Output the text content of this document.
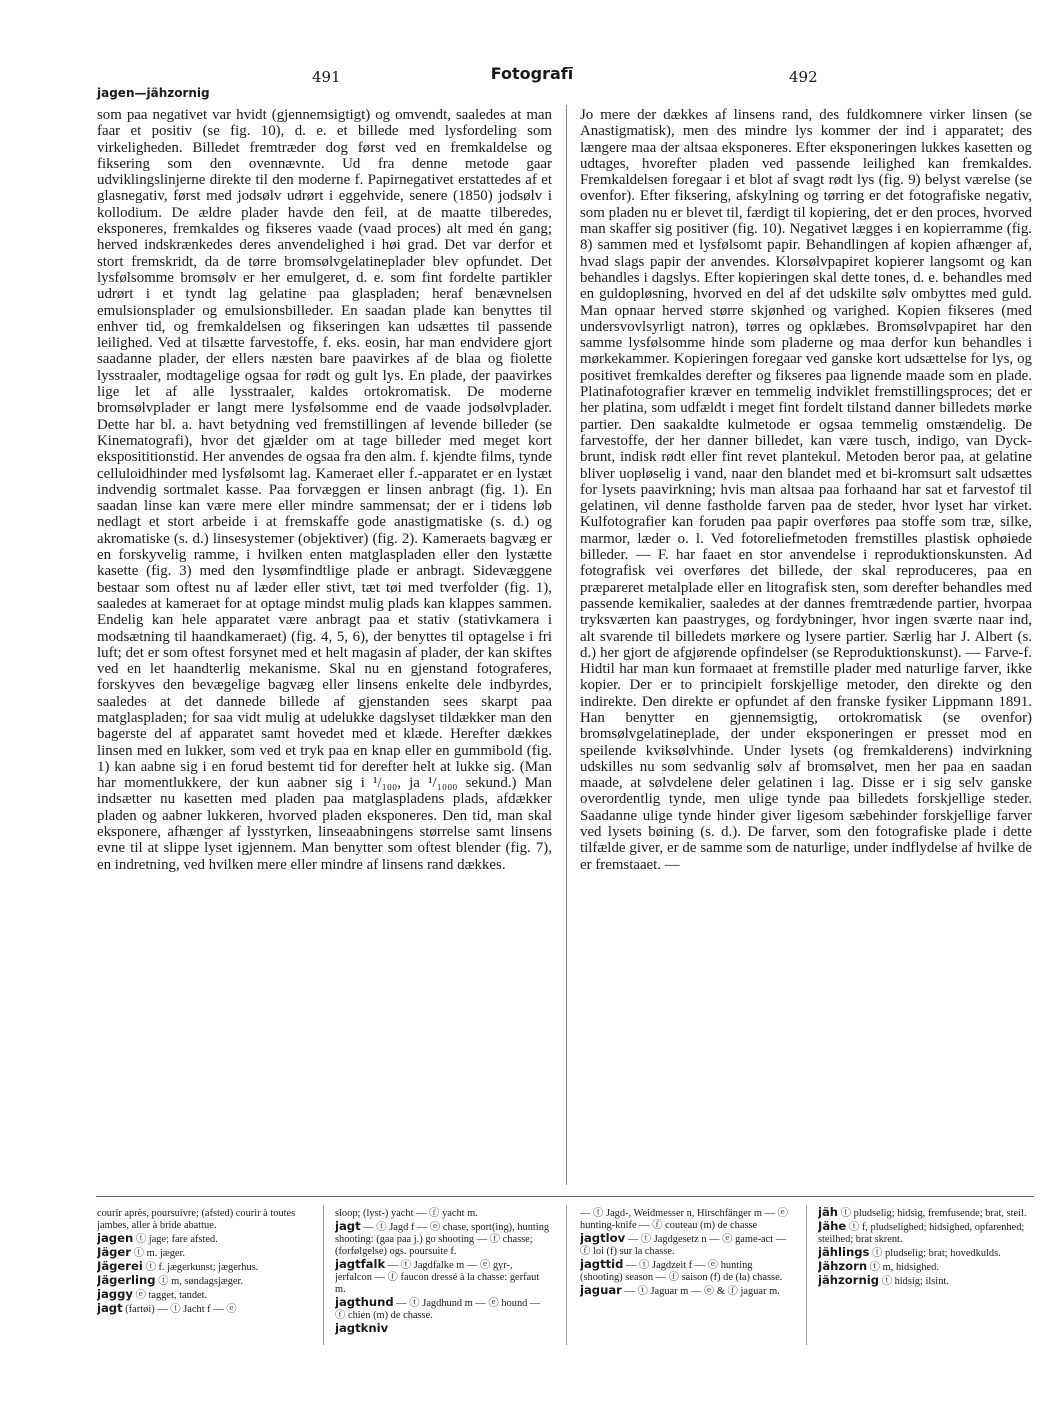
491	Fotografī	492
jagen—jähzornig

som paa negativet var hvidt (gjennemsigtigt) og omvendt, saaledes at man faar et positiv (se fig. 10), d. e. et billede med lysfordeling som virkeligheden. Billedet fremtræder dog først ved en fremkaldelse og fiksering som den ovennævnte. Ud fra denne metode gaar udviklingslinjerne direkte til den moderne f. Papirnegativet erstattedes af et glasnegativ, først med jodsølv udrørt i eggehvide, senere (1850) jodsølv i kollodium. De ældre plader havde den feil, at de maatte tilberedes, eksponeres, fremkaldes og fikseres vaade (vaad proces) alt med én gang; herved indskrænkedes deres anvendelighed i høi grad. Det var derfor et stort fremskridt, da de tørre bromsølvgelatineplader blev opfundet. Det lysfølsomme bromsølv er her emulgeret, d. e. som fint fordelte partikler udrørt i et tyndt lag gelatine paa glaspladen; heraf benævnelsen emulsionsplader og emulsionsbilleder. En saadan plade kan benyttes til enhver tid, og fremkaldelsen og fikseringen kan udsættes til passende leilighed. Ved at tilsætte farvestoffe, f. eks. eosin, har man endvidere gjort saadanne plader, der ellers næsten bare paavirkes af de blaa og fiolette lysstraaler, modtagelige ogsaa for rødt og gult lys. En plade, der paavirkes lige let af alle lysstraaler, kaldes ortokromatisk. De moderne bromsølvplader er langt mere lysfølsomme end de vaade jodsølvplader. Dette har bl. a. havt betydning ved fremstillingen af levende billeder (se Kinematografi), hvor det gjælder om at tage billeder med meget kort eksposititionstid. Her anvendes de ogsaa fra den alm. f. kjendte films, tynde celluloidhinder med lysfølsomt lag. Kameraet eller f.-apparatet er en lystæt indvendig sortmalet kasse. Paa forvæggen er linsen anbragt (fig. 1). En saadan linse kan være mere eller mindre sammensat; der er i tidens løb nedlagt et stort arbeide i at fremskaffe gode anastigmatiske (s. d.) og akromatiske (s. d.) linsesystemer (objektiver) (fig. 2). Kameraets bagvæg er en forskyvelig ramme, i hvilken enten matglaspladen eller den lystætte kasette (fig. 3) med den lysømfindtlige plade er anbragt. Sidevæggene bestaar som oftest nu af læder eller stivt, tæt tøi med tverfolder (fig. 1), saaledes at kameraet for at optage mindst mulig plads kan klappes sammen. Endelig kan hele apparatet være anbragt paa et stativ (stativkamera i modsætning til haandkameraet) (fig. 4, 5, 6), der benyttes til optagelse i fri luft; det er som oftest forsynet med et helt magasin af plader, der kan skiftes ved en let haandterlig mekanisme. Skal nu en gjenstand fotograferes, forskyves den bevægelige bagvæg eller linsens enkelte dele indbyrdes, saaledes at det dannede billede af gjenstanden sees skarpt paa matglaspladen; for saa vidt mulig at udelukke dagslyset tildækker man den bagerste del af apparatet samt hovedet med et klæde. Herefter dækkes linsen med en lukker, som ved et tryk paa en knap eller en gummibold (fig. 1) kan aabne sig i en forud bestemt tid for derefter helt at lukke sig. (Man har momentlukkere, der kun aabner sig i ¹/₁₀₀, ja ¹/₁₀₀₀ sekund.) Man indsætter nu kasetten med pladen paa matglaspladens plads, afdækker pladen og aabner lukkeren, hvorved pladen eksponeres. Den tid, man skal eksponere, afhænger af lysstyrken, linseaabningens størrelse samt linsens evne til at slippe lyset igjennem. Man benytter som oftest blender (fig. 7), en indretning, ved hvilken mere eller mindre af linsens rand dækkes.

Jo mere der dækkes af linsens rand, des fuldkomnere virker linsen (se Anastigmatisk), men des mindre lys kommer der ind i apparatet; des længere maa der altsaa eksponeres. Efter eksponeringen lukkes kasetten og udtages, hvorefter pladen ved passende leilighed kan fremkaldes. Fremkaldelsen foregaar i et blot af svagt rødt lys (fig. 9) belyst værelse (se ovenfor). Efter fiksering, afskylning og tørring er det fotografiske negativ, som pladen nu er blevet til, færdigt til kopiering, det er den proces, hvorved man skaffer sig positiver (fig. 10). Negativet lægges i en kopierramme (fig. 8) sammen med et lysfølsomt papir. Behandlingen af kopien afhænger af, hvad slags papir der anvendes. Klorsølvpapiret kopierer langsomt og kan behandles i dagslys. Efter kopieringen skal dette tones, d. e. behandles med en guldopløsning, hvorved en del af det udskilte sølv ombyttes med guld. Man opnaar herved større skjønhed og varighed. Kopien fikseres (med undersvovlsyrligt natron), tørres og opklæbes. Bromsølvpapiret har den samme lysfølsomme hinde som pladerne og maa derfor kun behandles i mørkekammer. Kopieringen foregaar ved ganske kort udsættelse for lys, og positivet fremkaldes derefter og fikseres paa lignende maade som en plade. Platinafotografier kræver en temmelig indviklet fremstillingsproces; det er her platina, som udfældt i meget fint fordelt tilstand danner billedets mørke partier. Den saakaldte kulmetode er ogsaa temmelig omstændelig. De farvestoffe, der her danner billedet, kan være tusch, indigo, van Dyck-brunt, indisk rødt eller fint revet plantekul. Metoden beror paa, at gelatine bliver uopløselig i vand, naar den blandet med et bi-kromsurt salt udsættes for lysets paavirkning; hvis man altsaa paa forhaand har sat et farvestof til gelatinen, vil denne fastholde farven paa de steder, hvor lyset har virket. Kulfotografier kan foruden paa papir overføres paa stoffe som træ, silke, marmor, læder o. l. Ved fotoreliefmetoden fremstilles plastisk ophøiede billeder. — F. har faaet en stor anvendelse i reproduktionskunsten. Ad fotografisk vei overføres det billede, der skal reproduceres, paa en præpareret metalplade eller en litografisk sten, som derefter behandles med passende kemikalier, saaledes at der dannes fremtrædende partier, hvorpaa tryksværten kan paastryges, og fordybninger, hvor ingen sværte naar ind, alt svarende til billedets mørkere og lysere partier. Særlig har J. Albert (s. d.) her gjort de afgjørende opfindelser (se Reproduktionskunst). — Farve-f. Hidtil har man kun formaaet at fremstille plader med naturlige farver, ikke kopier. Der er to principielt forskjellige metoder, den direkte og den indirekte. Den direkte er opfundet af den franske fysiker Lippmann 1891. Han benytter en gjennemsigtig, ortokromatisk (se ovenfor) bromsølvgelatineplade, der under eksponeringen er presset mod en speilende kviksølvhinde. Under lysets (og fremkalderens) indvirkning udskilles nu som sedvanlig sølv af bromsølvet, men her paa en saadan maade, at sølvdelene deler gelatinen i lag. Disse er i sig selv ganske overordentlig tynde, men ulige tynde paa billedets forskjellige steder. Saadanne ulige tynde hinder giver ligesom sæbehinder forskjellige farver ved lysets bøining (s. d.). De farver, som den fotografiske plade i dette tilfælde giver, er de samme som de naturlige, under indflydelse af hvilke de er fremstaaet. —

courir après, poursuivre; (afsted) courir à toutes jambes, aller à bride abattue.

jagen ⓣ jage; fare afsted.

Jäger ⓣ m. jæger.

Jägerei ⓣ f. jægerkunst; jægerhus.

Jägerling ⓣ m, søndagsjæger.

jaggy ⓔ tagget, tandet.

jagt (fartøi) — ⓣ Jacht f — ⓔ

sloop; (lyst-) yacht — ⓕ yacht m.

jagt — ⓣ Jagd f — ⓔ chase, sport(ing), hunting shooting: (gaa paa j.) go shooting — ⓕ chasse; (forfølgelse) ogs. poursuite f.

jagtfalk — ⓣ Jagdfalke m — ⓔ gyr-, jerfalcon — ⓕ faucon dressé à la chasse: gerfaut m.

jagthund — ⓣ Jagdhund m — ⓔ hound — ⓕ chien (m) de chasse.

jagtkniv

— ⓣ Jagd-, Weidmesser n, Hirschfänger m — ⓔ hunting-knife — ⓕ couteau (m) de chasse

jagtlov — ⓣ Jagdgesetz n — ⓔ game-act — ⓕ loi (f) sur la chasse.

jagttid — ⓣ Jagdzeit f — ⓔ hunting (shooting) season — ⓕ saison (f) de (la) chasse.

jaguar — ⓣ Jaguar m — ⓔ & ⓕ jaguar m.

jäh ⓣ pludselig; hidsig, fremfusende; brat, steil.

Jähe ⓣ f, pludselighed; hidsighed, opfarenhed; steilhed; brat skrent.

jählings ⓣ pludselig; brat; hovedkulds.

Jähzorn ⓣ m, hidsighed.

jähzornig ⓣ hidsig; ilsint.
